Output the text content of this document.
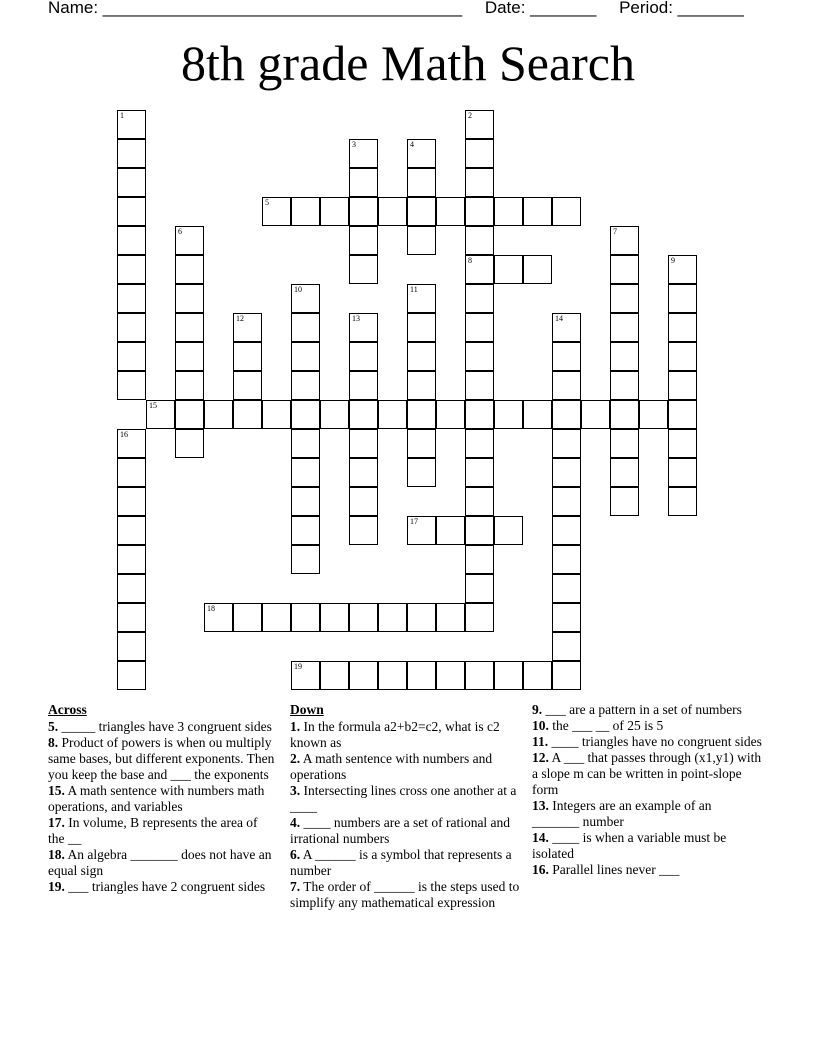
Name: ______________________________________ Date: _______ Period: _______
8th grade Math Search
1	2
8
3	4
5
6	7
9
10	11
12	13	14
15
16
17
18
19
Across

5. _____ triangles have 3 congruent sides

8. Product of powers is when ou multiply same bases, but different exponents. Then you keep the base and ___ the exponents

15. A math sentence with numbers math operations, and variables

17. In volume, B represents the area of the __

18. An algebra _______ does not have an equal sign

19. ___ triangles have 2 congruent sides

Down

1. In the formula a2+b2=c2, what is c2 known as

2. A math sentence with numbers and operations

3. Intersecting lines cross one another at a ____

4. ____ numbers are a set of rational and irrational numbers

6. A ______ is a symbol that represents a number

7. The order of ______ is the steps used to simplify any mathematical expression

9. ___ are a pattern in a set of numbers

10. the ___ __ of 25 is 5

11. ____ triangles have no congruent sides

12. A ___ that passes through (x1,y1) with a slope m can be written in point-slope form

13. Integers are an example of an _______ number

14. ____ is when a variable must be isolated

16. Parallel lines never ___
